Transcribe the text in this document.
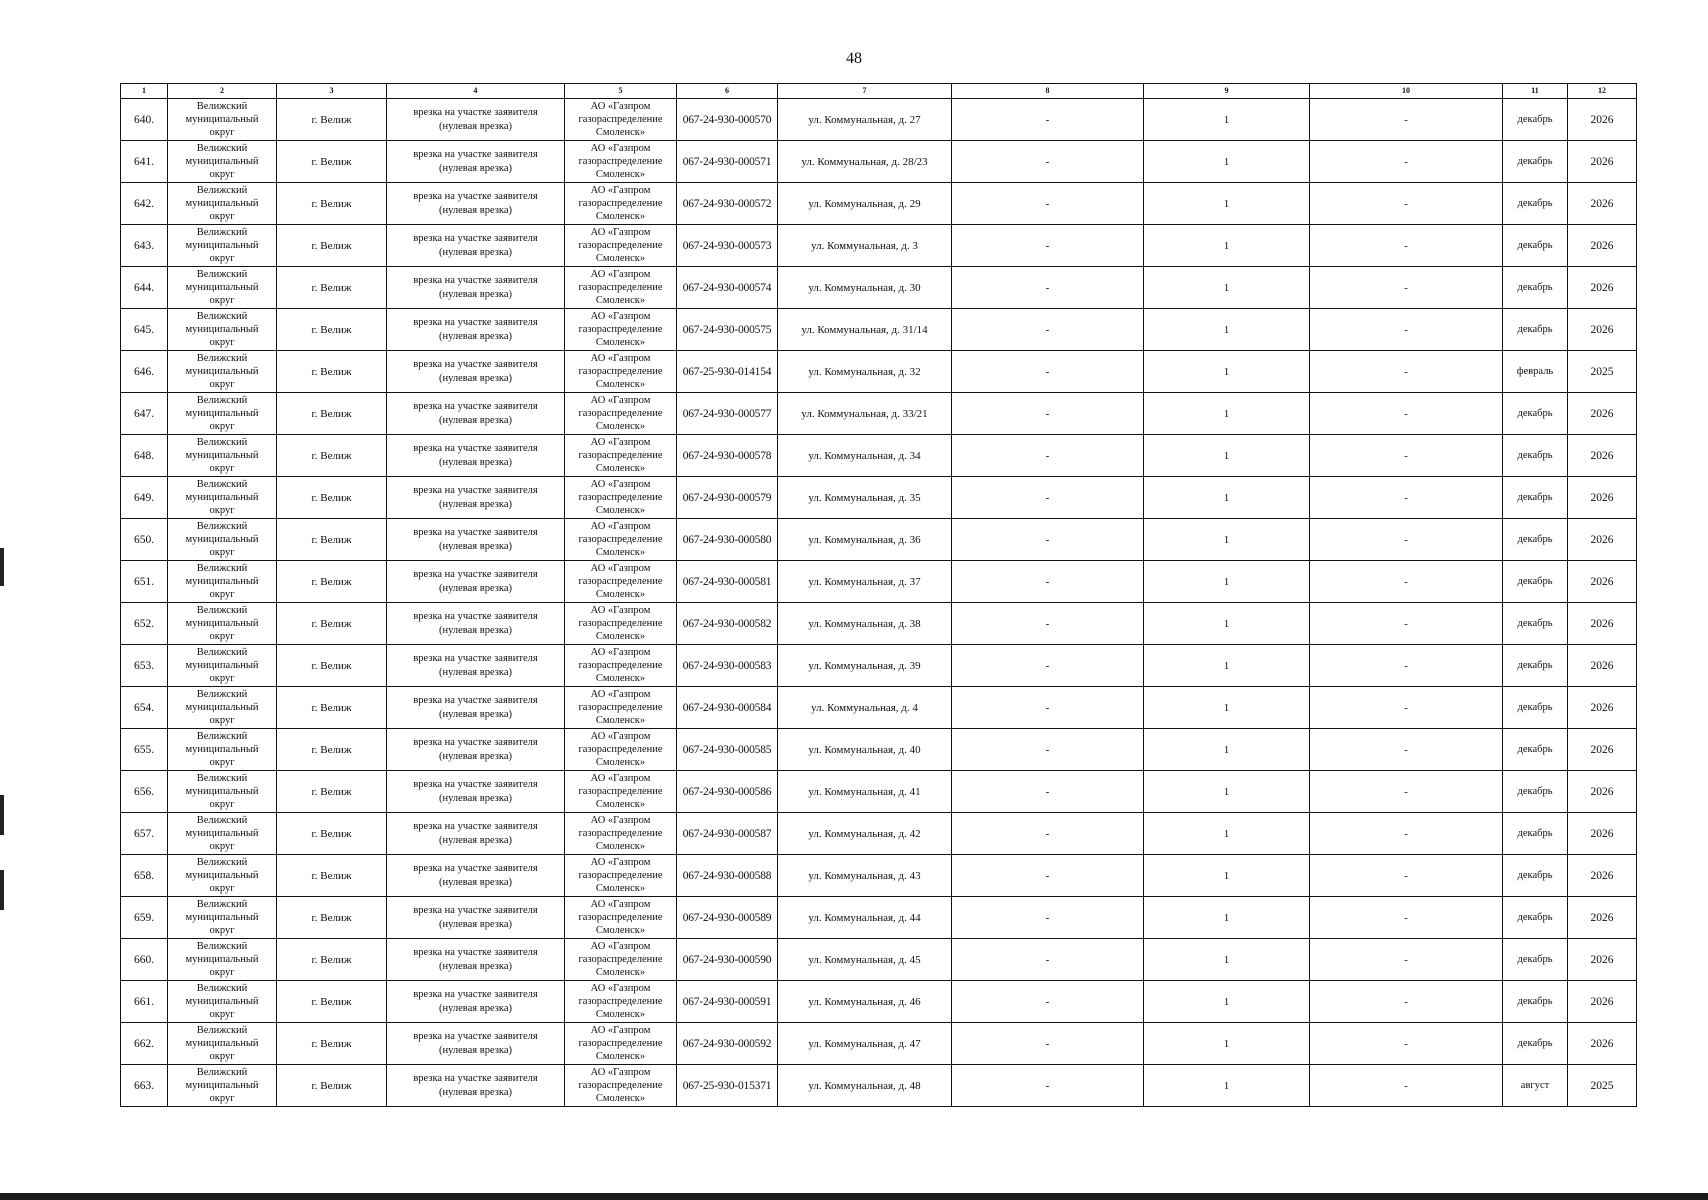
48
1	2	3	4	5	6	7	8	9	10	11	12
640.	Велижский
муниципальный
округ	г. Велиж	врезка на участке заявителя
(нулевая врезка)	АО «Газпром
газораспределение
Смоленск»	067-24-930-000570	ул. Коммунальная, д. 27	-	1	-	декабрь	2026
641.	Велижский
муниципальный
округ	г. Велиж	врезка на участке заявителя
(нулевая врезка)	АО «Газпром
газораспределение
Смоленск»	067-24-930-000571	ул. Коммунальная, д. 28/23	-	1	-	декабрь	2026
642.	Велижский
муниципальный
округ	г. Велиж	врезка на участке заявителя
(нулевая врезка)	АО «Газпром
газораспределение
Смоленск»	067-24-930-000572	ул. Коммунальная, д. 29	-	1	-	декабрь	2026
643.	Велижский
муниципальный
округ	г. Велиж	врезка на участке заявителя
(нулевая врезка)	АО «Газпром
газораспределение
Смоленск»	067-24-930-000573	ул. Коммунальная, д. 3	-	1	-	декабрь	2026
644.	Велижский
муниципальный
округ	г. Велиж	врезка на участке заявителя
(нулевая врезка)	АО «Газпром
газораспределение
Смоленск»	067-24-930-000574	ул. Коммунальная, д. 30	-	1	-	декабрь	2026
645.	Велижский
муниципальный
округ	г. Велиж	врезка на участке заявителя
(нулевая врезка)	АО «Газпром
газораспределение
Смоленск»	067-24-930-000575	ул. Коммунальная, д. 31/14	-	1	-	декабрь	2026
646.	Велижский
муниципальный
округ	г. Велиж	врезка на участке заявителя
(нулевая врезка)	АО «Газпром
газораспределение
Смоленск»	067-25-930-014154	ул. Коммунальная, д. 32	-	1	-	февраль	2025
647.	Велижский
муниципальный
округ	г. Велиж	врезка на участке заявителя
(нулевая врезка)	АО «Газпром
газораспределение
Смоленск»	067-24-930-000577	ул. Коммунальная, д. 33/21	-	1	-	декабрь	2026
648.	Велижский
муниципальный
округ	г. Велиж	врезка на участке заявителя
(нулевая врезка)	АО «Газпром
газораспределение
Смоленск»	067-24-930-000578	ул. Коммунальная, д. 34	-	1	-	декабрь	2026
649.	Велижский
муниципальный
округ	г. Велиж	врезка на участке заявителя
(нулевая врезка)	АО «Газпром
газораспределение
Смоленск»	067-24-930-000579	ул. Коммунальная, д. 35	-	1	-	декабрь	2026
650.	Велижский
муниципальный
округ	г. Велиж	врезка на участке заявителя
(нулевая врезка)	АО «Газпром
газораспределение
Смоленск»	067-24-930-000580	ул. Коммунальная, д. 36	-	1	-	декабрь	2026
651.	Велижский
муниципальный
округ	г. Велиж	врезка на участке заявителя
(нулевая врезка)	АО «Газпром
газораспределение
Смоленск»	067-24-930-000581	ул. Коммунальная, д. 37	-	1	-	декабрь	2026
652.	Велижский
муниципальный
округ	г. Велиж	врезка на участке заявителя
(нулевая врезка)	АО «Газпром
газораспределение
Смоленск»	067-24-930-000582	ул. Коммунальная, д. 38	-	1	-	декабрь	2026
653.	Велижский
муниципальный
округ	г. Велиж	врезка на участке заявителя
(нулевая врезка)	АО «Газпром
газораспределение
Смоленск»	067-24-930-000583	ул. Коммунальная, д. 39	-	1	-	декабрь	2026
654.	Велижский
муниципальный
округ	г. Велиж	врезка на участке заявителя
(нулевая врезка)	АО «Газпром
газораспределение
Смоленск»	067-24-930-000584	ул. Коммунальная, д. 4	-	1	-	декабрь	2026
655.	Велижский
муниципальный
округ	г. Велиж	врезка на участке заявителя
(нулевая врезка)	АО «Газпром
газораспределение
Смоленск»	067-24-930-000585	ул. Коммунальная, д. 40	-	1	-	декабрь	2026
656.	Велижский
муниципальный
округ	г. Велиж	врезка на участке заявителя
(нулевая врезка)	АО «Газпром
газораспределение
Смоленск»	067-24-930-000586	ул. Коммунальная, д. 41	-	1	-	декабрь	2026
657.	Велижский
муниципальный
округ	г. Велиж	врезка на участке заявителя
(нулевая врезка)	АО «Газпром
газораспределение
Смоленск»	067-24-930-000587	ул. Коммунальная, д. 42	-	1	-	декабрь	2026
658.	Велижский
муниципальный
округ	г. Велиж	врезка на участке заявителя
(нулевая врезка)	АО «Газпром
газораспределение
Смоленск»	067-24-930-000588	ул. Коммунальная, д. 43	-	1	-	декабрь	2026
659.	Велижский
муниципальный
округ	г. Велиж	врезка на участке заявителя
(нулевая врезка)	АО «Газпром
газораспределение
Смоленск»	067-24-930-000589	ул. Коммунальная, д. 44	-	1	-	декабрь	2026
660.	Велижский
муниципальный
округ	г. Велиж	врезка на участке заявителя
(нулевая врезка)	АО «Газпром
газораспределение
Смоленск»	067-24-930-000590	ул. Коммунальная, д. 45	-	1	-	декабрь	2026
661.	Велижский
муниципальный
округ	г. Велиж	врезка на участке заявителя
(нулевая врезка)	АО «Газпром
газораспределение
Смоленск»	067-24-930-000591	ул. Коммунальная, д. 46	-	1	-	декабрь	2026
662.	Велижский
муниципальный
округ	г. Велиж	врезка на участке заявителя
(нулевая врезка)	АО «Газпром
газораспределение
Смоленск»	067-24-930-000592	ул. Коммунальная, д. 47	-	1	-	декабрь	2026
663.	Велижский
муниципальный
округ	г. Велиж	врезка на участке заявителя
(нулевая врезка)	АО «Газпром
газораспределение
Смоленск»	067-25-930-015371	ул. Коммунальная, д. 48	-	1	-	август	2025
